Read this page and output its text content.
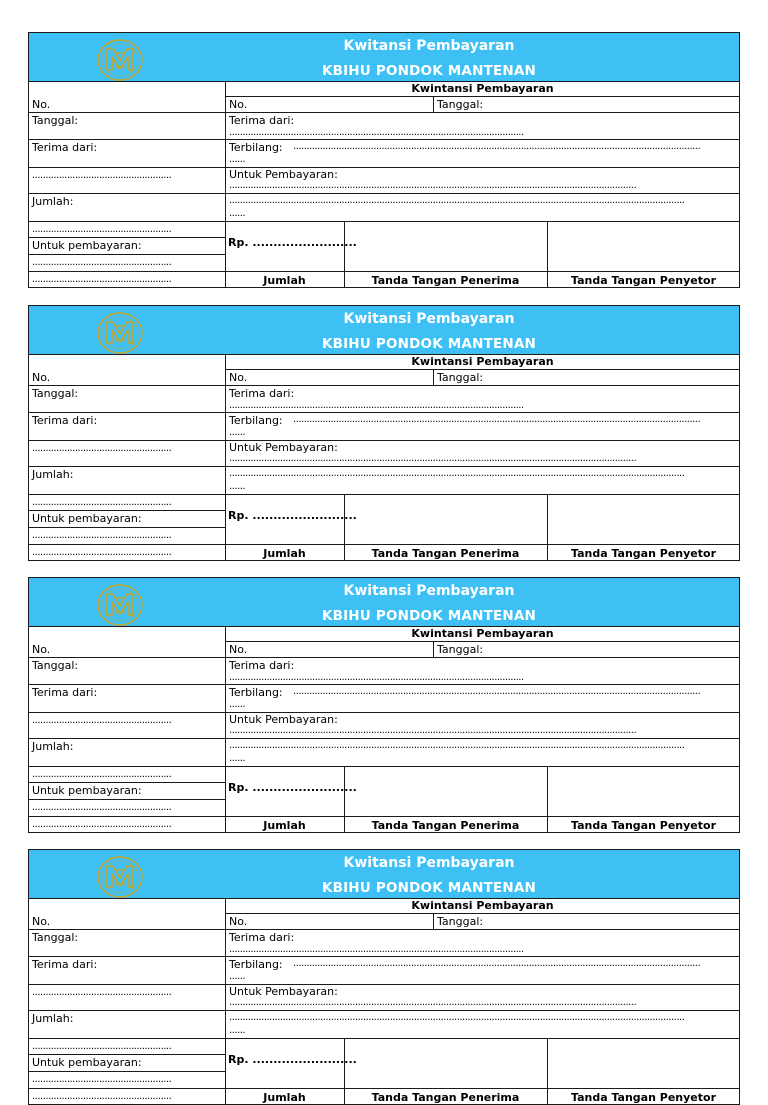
Kwitansi Pembayaran
KBIHU PONDOK MANTENAN
No.
Tanggal:
Terima dari:
....................................................
Jumlah:
....................................................
Untuk pembayaran:
....................................................
....................................................
Kwintansi Pembayaran
No.	Tanggal:
Terima dari:
..............................................................................................................
Terbilang: ........................................................................................................................................................
......
Untuk Pembayaran:
........................................................................................................................................................
..........................................................................................................................................................................
......
Rp. .........................
Jumlah	Tanda Tangan Penerima	Tanda Tangan Penyetor
Kwitansi Pembayaran
KBIHU PONDOK MANTENAN
No.
Tanggal:
Terima dari:
....................................................
Jumlah:
....................................................
Untuk pembayaran:
....................................................
....................................................
Kwintansi Pembayaran
No.	Tanggal:
Terima dari:
..............................................................................................................
Terbilang: ........................................................................................................................................................
......
Untuk Pembayaran:
........................................................................................................................................................
..........................................................................................................................................................................
......
Rp. .........................
Jumlah	Tanda Tangan Penerima	Tanda Tangan Penyetor
Kwitansi Pembayaran
KBIHU PONDOK MANTENAN
No.
Tanggal:
Terima dari:
....................................................
Jumlah:
....................................................
Untuk pembayaran:
....................................................
....................................................
Kwintansi Pembayaran
No.	Tanggal:
Terima dari:
..............................................................................................................
Terbilang: ........................................................................................................................................................
......
Untuk Pembayaran:
........................................................................................................................................................
..........................................................................................................................................................................
......
Rp. .........................
Jumlah	Tanda Tangan Penerima	Tanda Tangan Penyetor
Kwitansi Pembayaran
KBIHU PONDOK MANTENAN
No.
Tanggal:
Terima dari:
....................................................
Jumlah:
....................................................
Untuk pembayaran:
....................................................
....................................................
Kwintansi Pembayaran
No.	Tanggal:
Terima dari:
..............................................................................................................
Terbilang: ........................................................................................................................................................
......
Untuk Pembayaran:
........................................................................................................................................................
..........................................................................................................................................................................
......
Rp. .........................
Jumlah	Tanda Tangan Penerima	Tanda Tangan Penyetor
